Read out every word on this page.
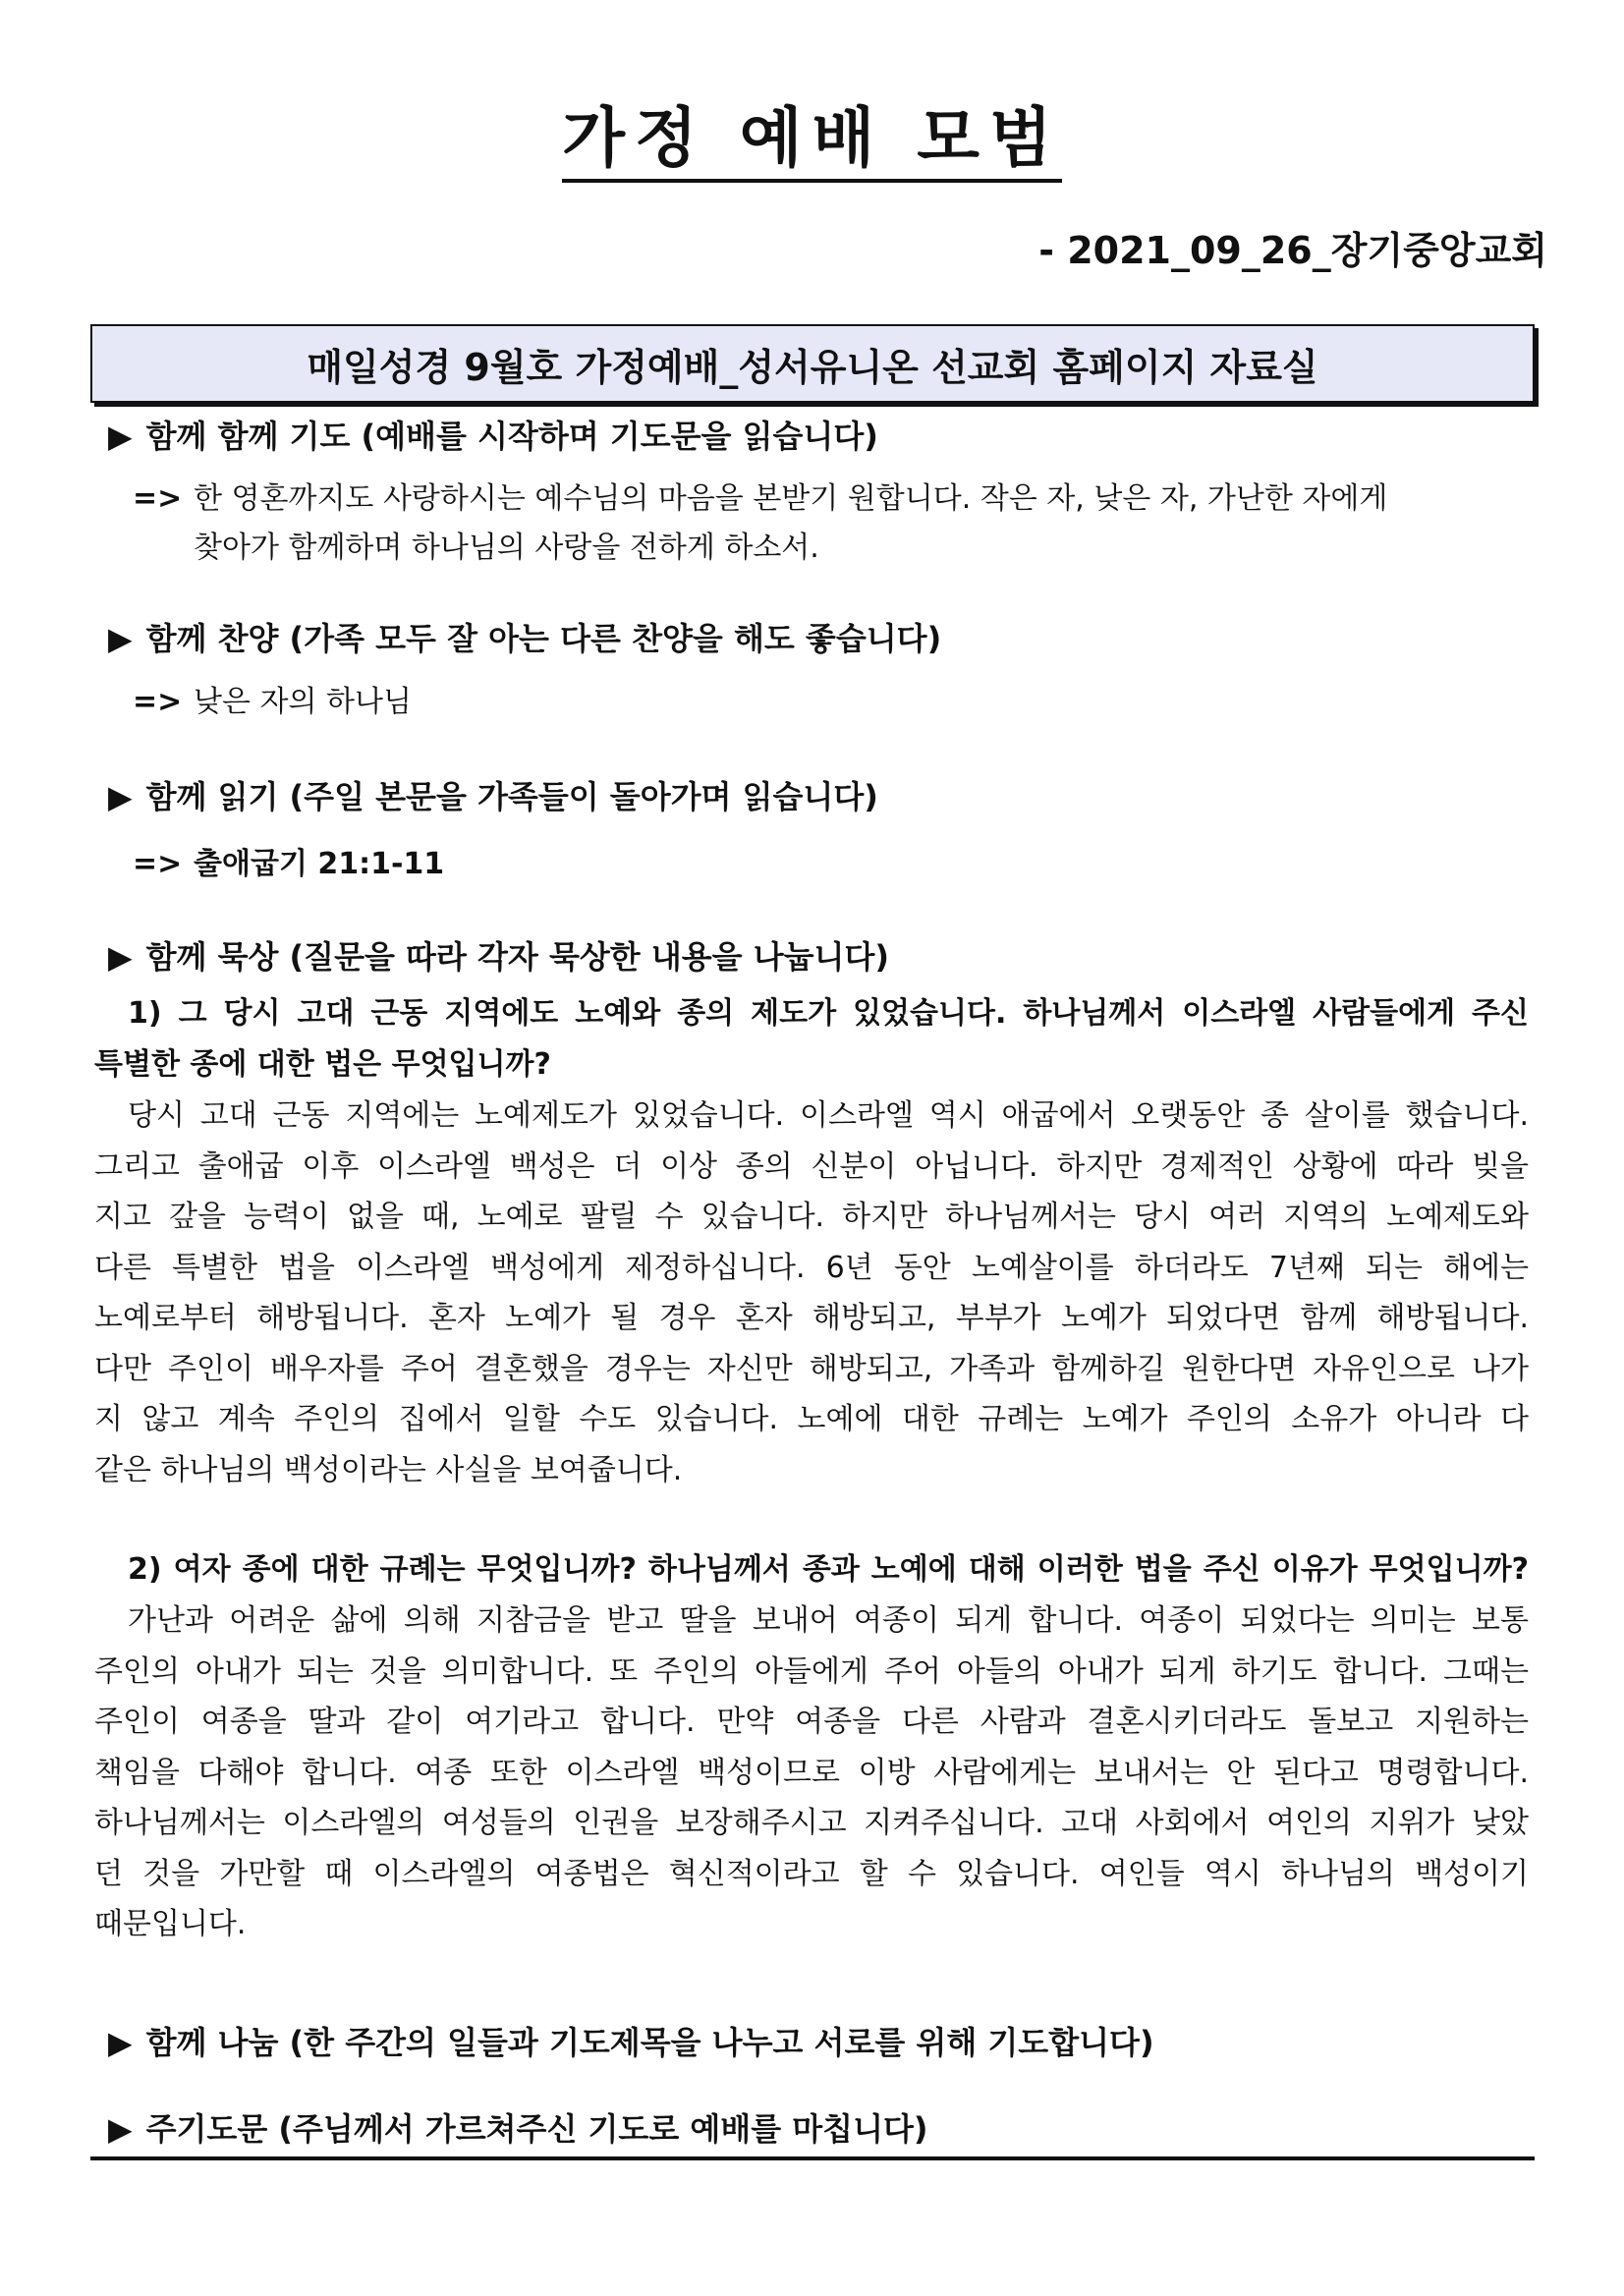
가정 예배 모범
- 2021_09_26_장기중앙교회
매일성경 9월호 가정예배_성서유니온 선교회 홈페이지 자료실
▶ 함께 함께 기도 (예배를 시작하며 기도문을 읽습니다)
=> 한 영혼까지도 사랑하시는 예수님의 마음을 본받기 원합니다. 작은 자, 낮은 자, 가난한 자에게
찾아가 함께하며 하나님의 사랑을 전하게 하소서.
▶ 함께 찬양 (가족 모두 잘 아는 다른 찬양을 해도 좋습니다)
=> 낮은 자의 하나님
▶ 함께 읽기 (주일 본문을 가족들이 돌아가며 읽습니다)
=> 출애굽기 21:1-11
▶ 함께 묵상 (질문을 따라 각자 묵상한 내용을 나눕니다)
1) 그 당시 고대 근동 지역에도 노예와 종의 제도가 있었습니다. 하나님께서 이스라엘 사람들에게 주신
특별한 종에 대한 법은 무엇입니까?
당시 고대 근동 지역에는 노예제도가 있었습니다. 이스라엘 역시 애굽에서 오랫동안 종 살이를 했습니다.
그리고 출애굽 이후 이스라엘 백성은 더 이상 종의 신분이 아닙니다. 하지만 경제적인 상황에 따라 빚을
지고 갚을 능력이 없을 때, 노예로 팔릴 수 있습니다. 하지만 하나님께서는 당시 여러 지역의 노예제도와
다른 특별한 법을 이스라엘 백성에게 제정하십니다. 6년 동안 노예살이를 하더라도 7년째 되는 해에는
노예로부터 해방됩니다. 혼자 노예가 될 경우 혼자 해방되고, 부부가 노예가 되었다면 함께 해방됩니다.
다만 주인이 배우자를 주어 결혼했을 경우는 자신만 해방되고, 가족과 함께하길 원한다면 자유인으로 나가
지 않고 계속 주인의 집에서 일할 수도 있습니다. 노예에 대한 규례는 노예가 주인의 소유가 아니라 다
같은 하나님의 백성이라는 사실을 보여줍니다.
2) 여자 종에 대한 규례는 무엇입니까? 하나님께서 종과 노예에 대해 이러한 법을 주신 이유가 무엇입니까?
가난과 어려운 삶에 의해 지참금을 받고 딸을 보내어 여종이 되게 합니다. 여종이 되었다는 의미는 보통
주인의 아내가 되는 것을 의미합니다. 또 주인의 아들에게 주어 아들의 아내가 되게 하기도 합니다. 그때는
주인이 여종을 딸과 같이 여기라고 합니다. 만약 여종을 다른 사람과 결혼시키더라도 돌보고 지원하는
책임을 다해야 합니다. 여종 또한 이스라엘 백성이므로 이방 사람에게는 보내서는 안 된다고 명령합니다.
하나님께서는 이스라엘의 여성들의 인권을 보장해주시고 지켜주십니다. 고대 사회에서 여인의 지위가 낮았
던 것을 가만할 때 이스라엘의 여종법은 혁신적이라고 할 수 있습니다. 여인들 역시 하나님의 백성이기
때문입니다.
▶ 함께 나눔 (한 주간의 일들과 기도제목을 나누고 서로를 위해 기도합니다)
▶ 주기도문 (주님께서 가르쳐주신 기도로 예배를 마칩니다)
